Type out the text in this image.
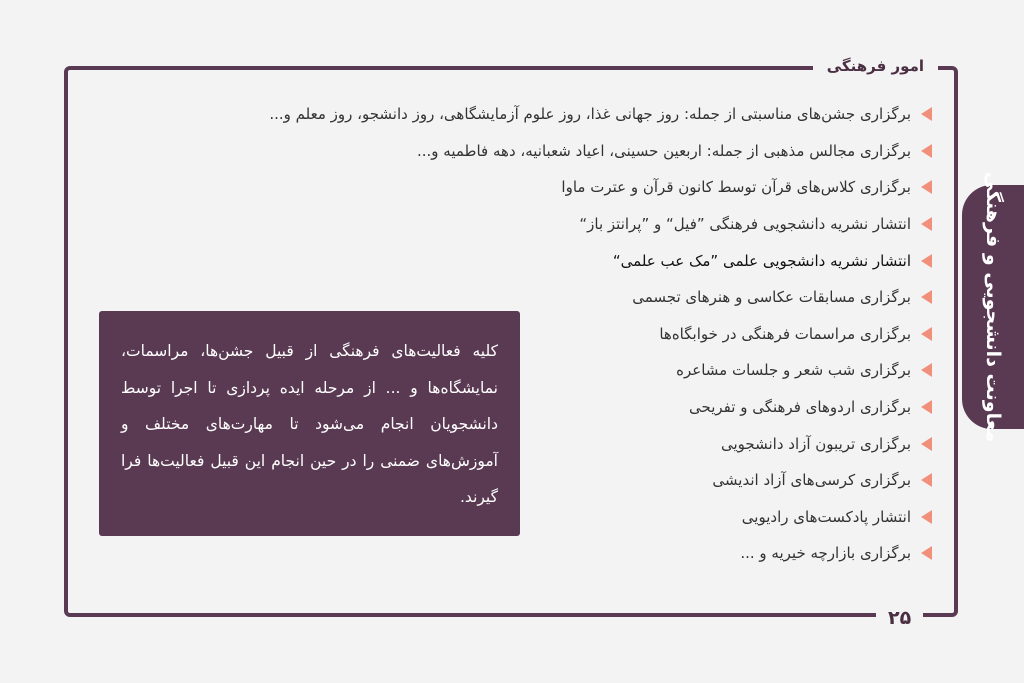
امور فرهنگی
معاونت دانشجویی و فرهنگی
برگزاری جشن‌های مناسبتی از جمله: روز جهانی غذا، روز علوم آزمایشگاهی، روز دانشجو، روز معلم و...
برگزاری مجالس مذهبی از جمله: اربعین حسینی، اعیاد شعبانیه، دهه فاطمیه و...
برگزاری کلاس‌های قرآن توسط کانون قرآن و عترت ماوا
انتشار نشریه دانشجویی فرهنگی ”فیل“ و ”پرانتز باز“
انتشار نشریه دانشجویی علمی ”مک عب علمی“
برگزاری مسابقات عکاسی و هنرهای تجسمی
برگزاری مراسمات فرهنگی در خوابگاه‌ها
برگزاری شب شعر و جلسات مشاعره
برگزاری اردوهای فرهنگی و تفریحی
برگزاری تریبون آزاد دانشجویی
برگزاری کرسی‌های آزاد اندیشی
انتشار پادکست‌های رادیویی
برگزاری بازارچه خیریه و ...
کلیه فعالیت‌های فرهنگی از قبیل جشن‌ها، مراسمات، نمایشگاه‌ها و ... از مرحله ایده پردازی تا اجرا توسط دانشجویان انجام می‌شود تا مهارت‌های مختلف و آموزش‌های ضمنی را در حین انجام این قبیل فعالیت‌ها فرا گیرند.
۲۵
